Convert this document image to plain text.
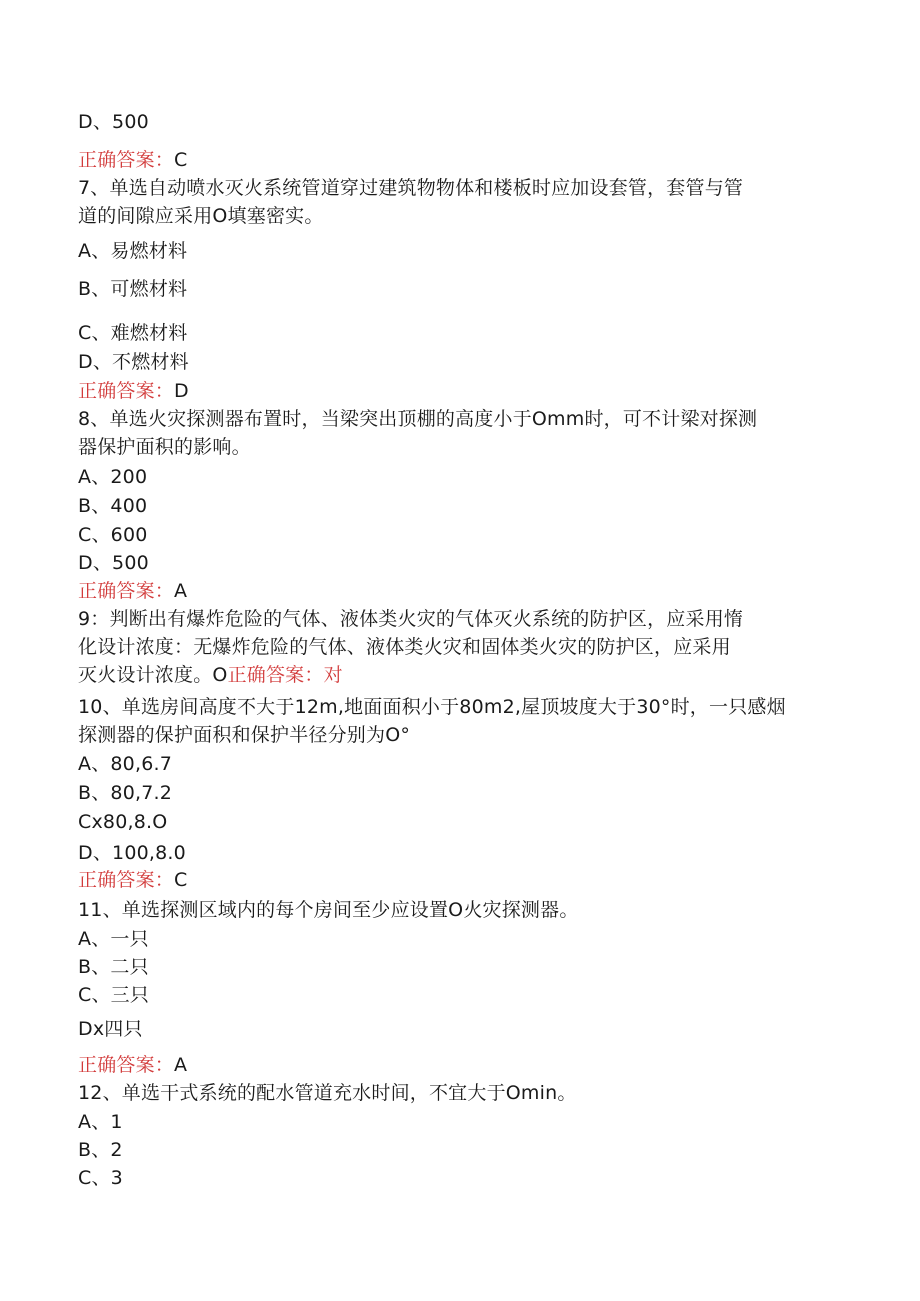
D、500
正确答案：C
7、单选自动喷水灭火系统管道穿过建筑物物体和楼板时应加设套管，套管与管
道的间隙应采用O填塞密实。
A、易燃材料
B、可燃材料
C、难燃材料
D、不燃材料
正确答案：D
8、单选火灾探测器布置时，当梁突出顶棚的高度小于Omm时，可不计梁对探测
器保护面积的影响。
A、200
B、400
C、600
D、500
正确答案：A
9：判断出有爆炸危险的气体、液体类火灾的气体灭火系统的防护区，应采用惰
化设计浓度：无爆炸危险的气体、液体类火灾和固体类火灾的防护区，应采用
灭火设计浓度。O正确答案：对
10、单选房间高度不大于12m,地面面积小于80m2,屋顶坡度大于30°时，一只感烟
探测器的保护面积和保护半径分别为O°
A、80,6.7
B、80,7.2
Cx80,8.O
D、100,8.0
正确答案：C
11、单选探测区域内的每个房间至少应设置O火灾探测器。
A、一只
B、二只
C、三只
Dx四只
正确答案：A
12、单选干式系统的配水管道充水时间，不宜大于Omin。
A、1
B、2
C、3
